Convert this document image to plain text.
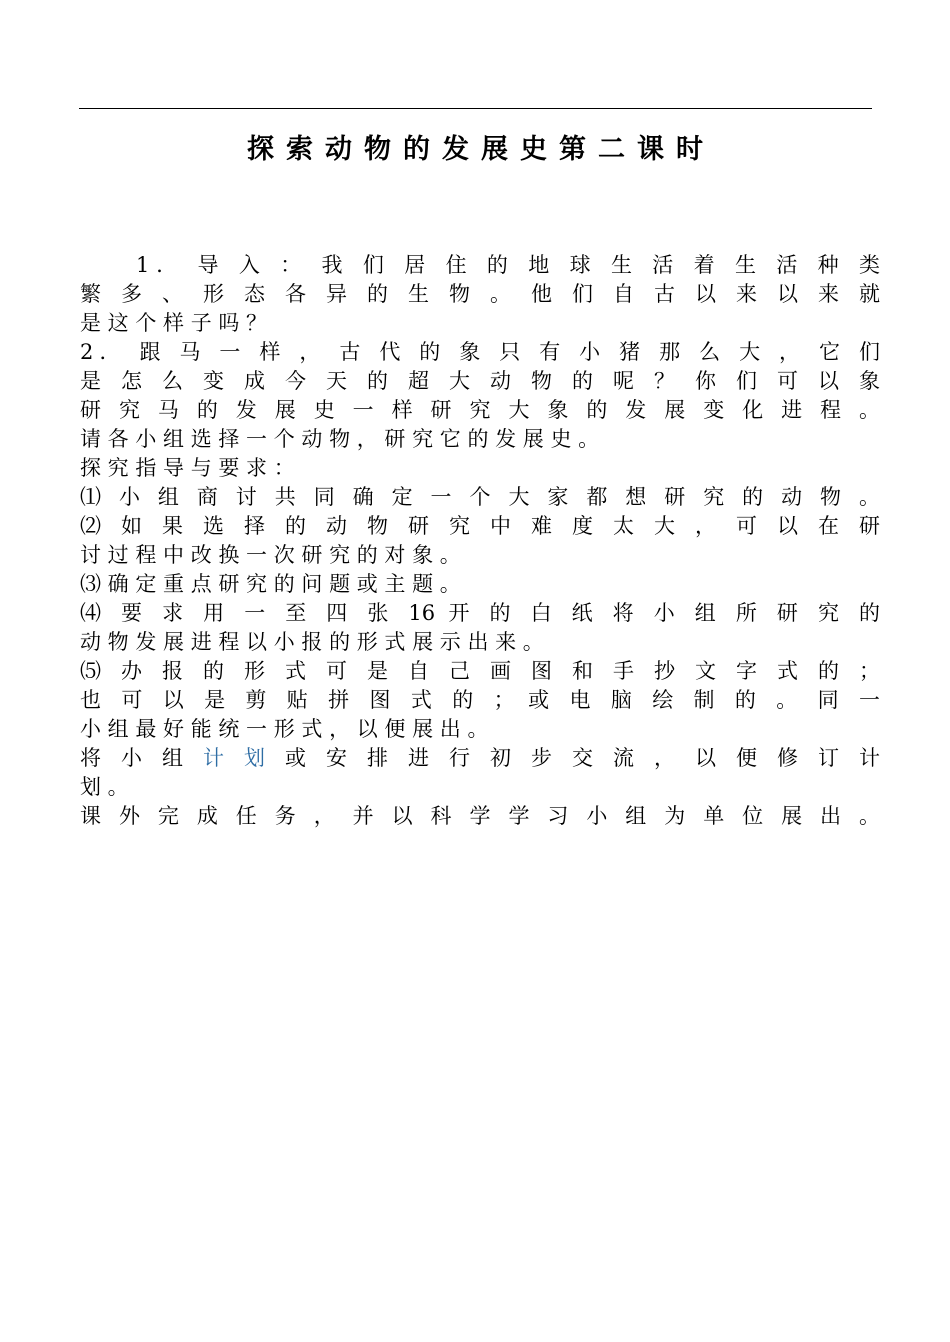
探索动物的发展史第二课时
1． 导 入 ： 我 们 居 住 的 地 球 生 活 着 生 活 种 类
繁 多 、 形 态 各 异 的 生 物 。 他 们 自 古 以 来 以 来 就
是 这 个 样 子 吗 ？
2． 跟 马 一 样 ， 古 代 的 象 只 有 小 猪 那 么 大 ， 它 们
是 怎 么 变 成 今 天 的 超 大 动 物 的 呢 ？ 你 们 可 以 象
研 究 马 的 发 展 史 一 样 研 究 大 象 的 发 展 变 化 进 程 。
请 各 小 组 选 择 一 个 动 物 ， 研 究 它 的 发 展 史 。
探 究 指 导 与 要 求 ：
⑴ 小 组 商 讨 共 同 确 定 一 个 大 家 都 想 研 究 的 动 物 。
⑵ 如 果 选 择 的 动 物 研 究 中 难 度 太 大 ， 可 以 在 研
讨 过 程 中 改 换 一 次 研 究 的 对 象 。
⑶ 确 定 重 点 研 究 的 问 题 或 主 题 。
⑷ 要 求 用 一 至 四 张 16 开 的 白 纸 将 小 组 所 研 究 的
动 物 发 展 进 程 以 小 报 的 形 式 展 示 出 来 。
⑸ 办 报 的 形 式 可 是 自 己 画 图 和 手 抄 文 字 式 的 ；
也 可 以 是 剪 贴 拼 图 式 的 ； 或 电 脑 绘 制 的 。 同 一
小 组 最 好 能 统 一 形 式 ， 以 便 展 出 。
将 小 组 计 划 或 安 排 进 行 初 步 交 流 ， 以 便 修 订 计
划 。
课 外 完 成 任 务 ， 并 以 科 学 学 习 小 组 为 单 位 展 出 。
